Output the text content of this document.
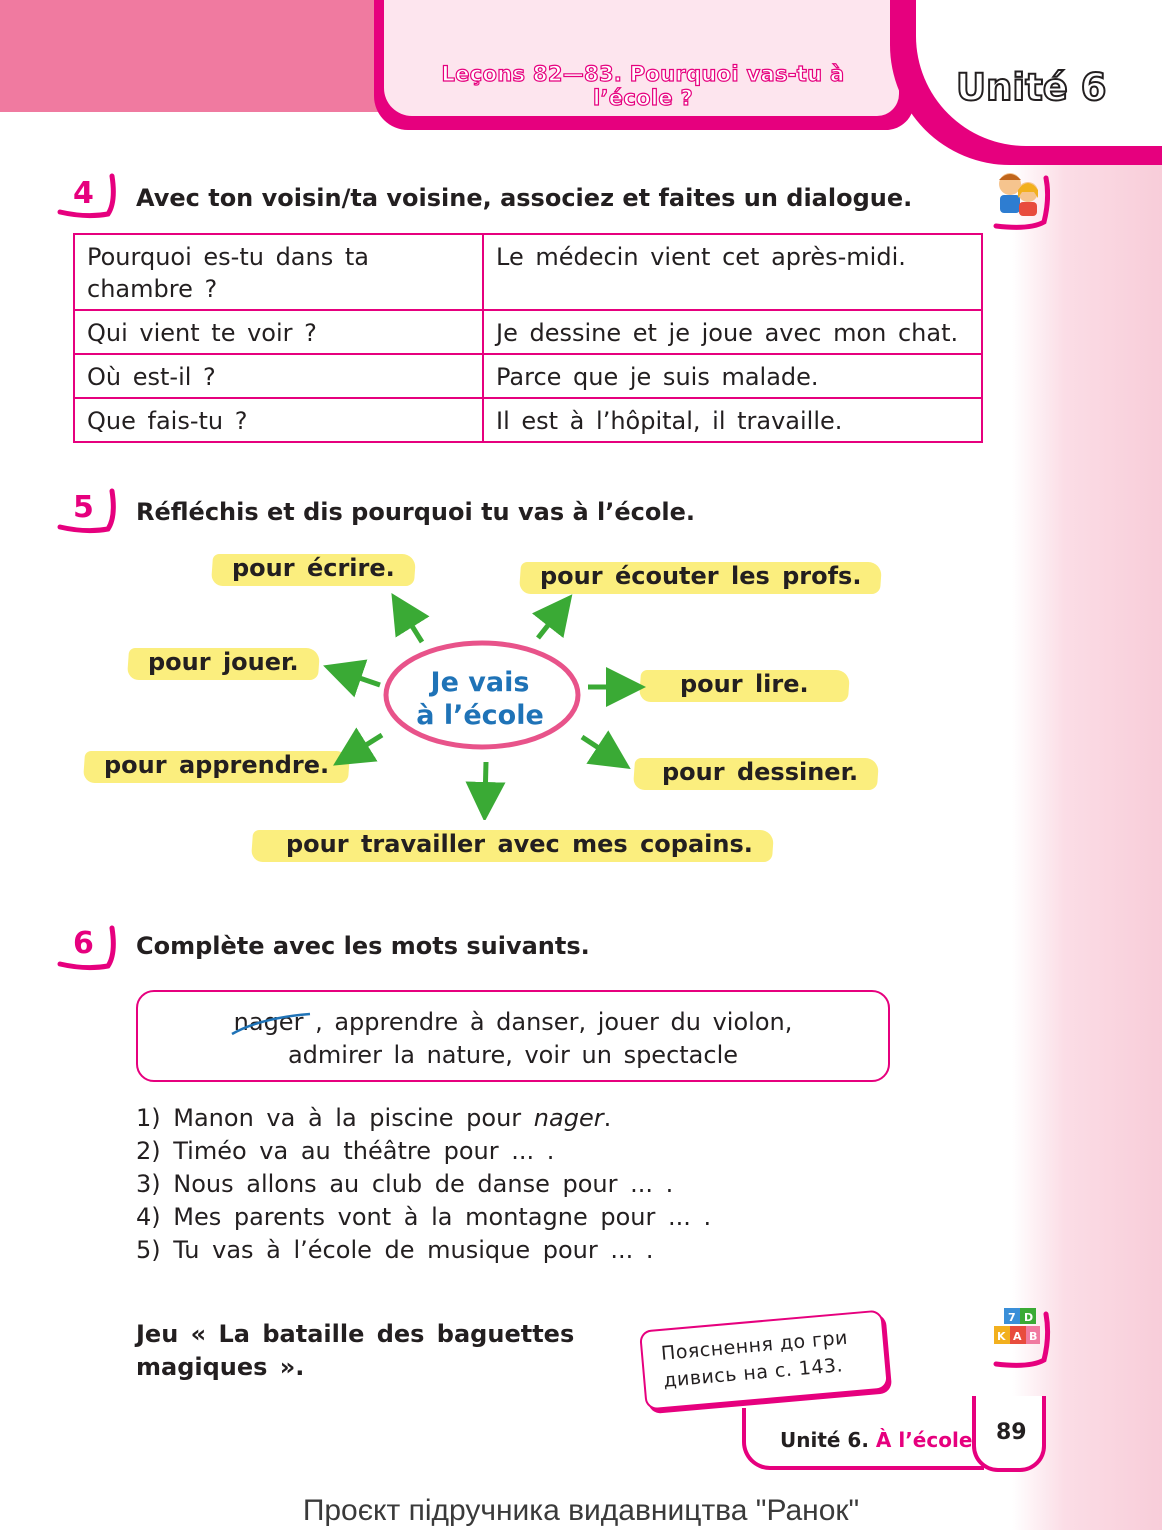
Leçons 82—83. Pourquoi vas-tu à l’école ?	Unité 6
4 Avec ton voisin/ta voisine, associez et faites un dialogue.
Pourquoi es-tu dans ta chambre ?	Le médecin vient cet après-midi.
Qui vient te voir ?	Je dessine et je joue avec mon chat.
Où est-il ?	Parce que je suis malade.
Que fais-tu ?	Il est à l’hôpital, il travaille.
5 Réfléchis et dis pourquoi tu vas à l’école.
Je vais
à l’école
pour écrire.	pour écouter les profs.
pour jouer.
pour lire.
pour apprendre.	pour dessiner.
pour travailler avec mes copains.
6 Complète avec les mots suivants.
nager , apprendre à danser, jouer du violon,
admirer la nature, voir un spectacle
1) Manon va à la piscine pour nager.
2) Timéo va au théâtre pour ... .
3) Nous allons au club de danse pour ... .
4) Mes parents vont à la montagne pour ... .
5) Tu vas à l’école de musique pour ... .
Jeu « La bataille des baguettes
magiques ».
Пояснення до гри
дивись на с. 143.
7 D
K A B
Unité 6. À l’école 89
Проєкт підручника видавництва "Ранок"
